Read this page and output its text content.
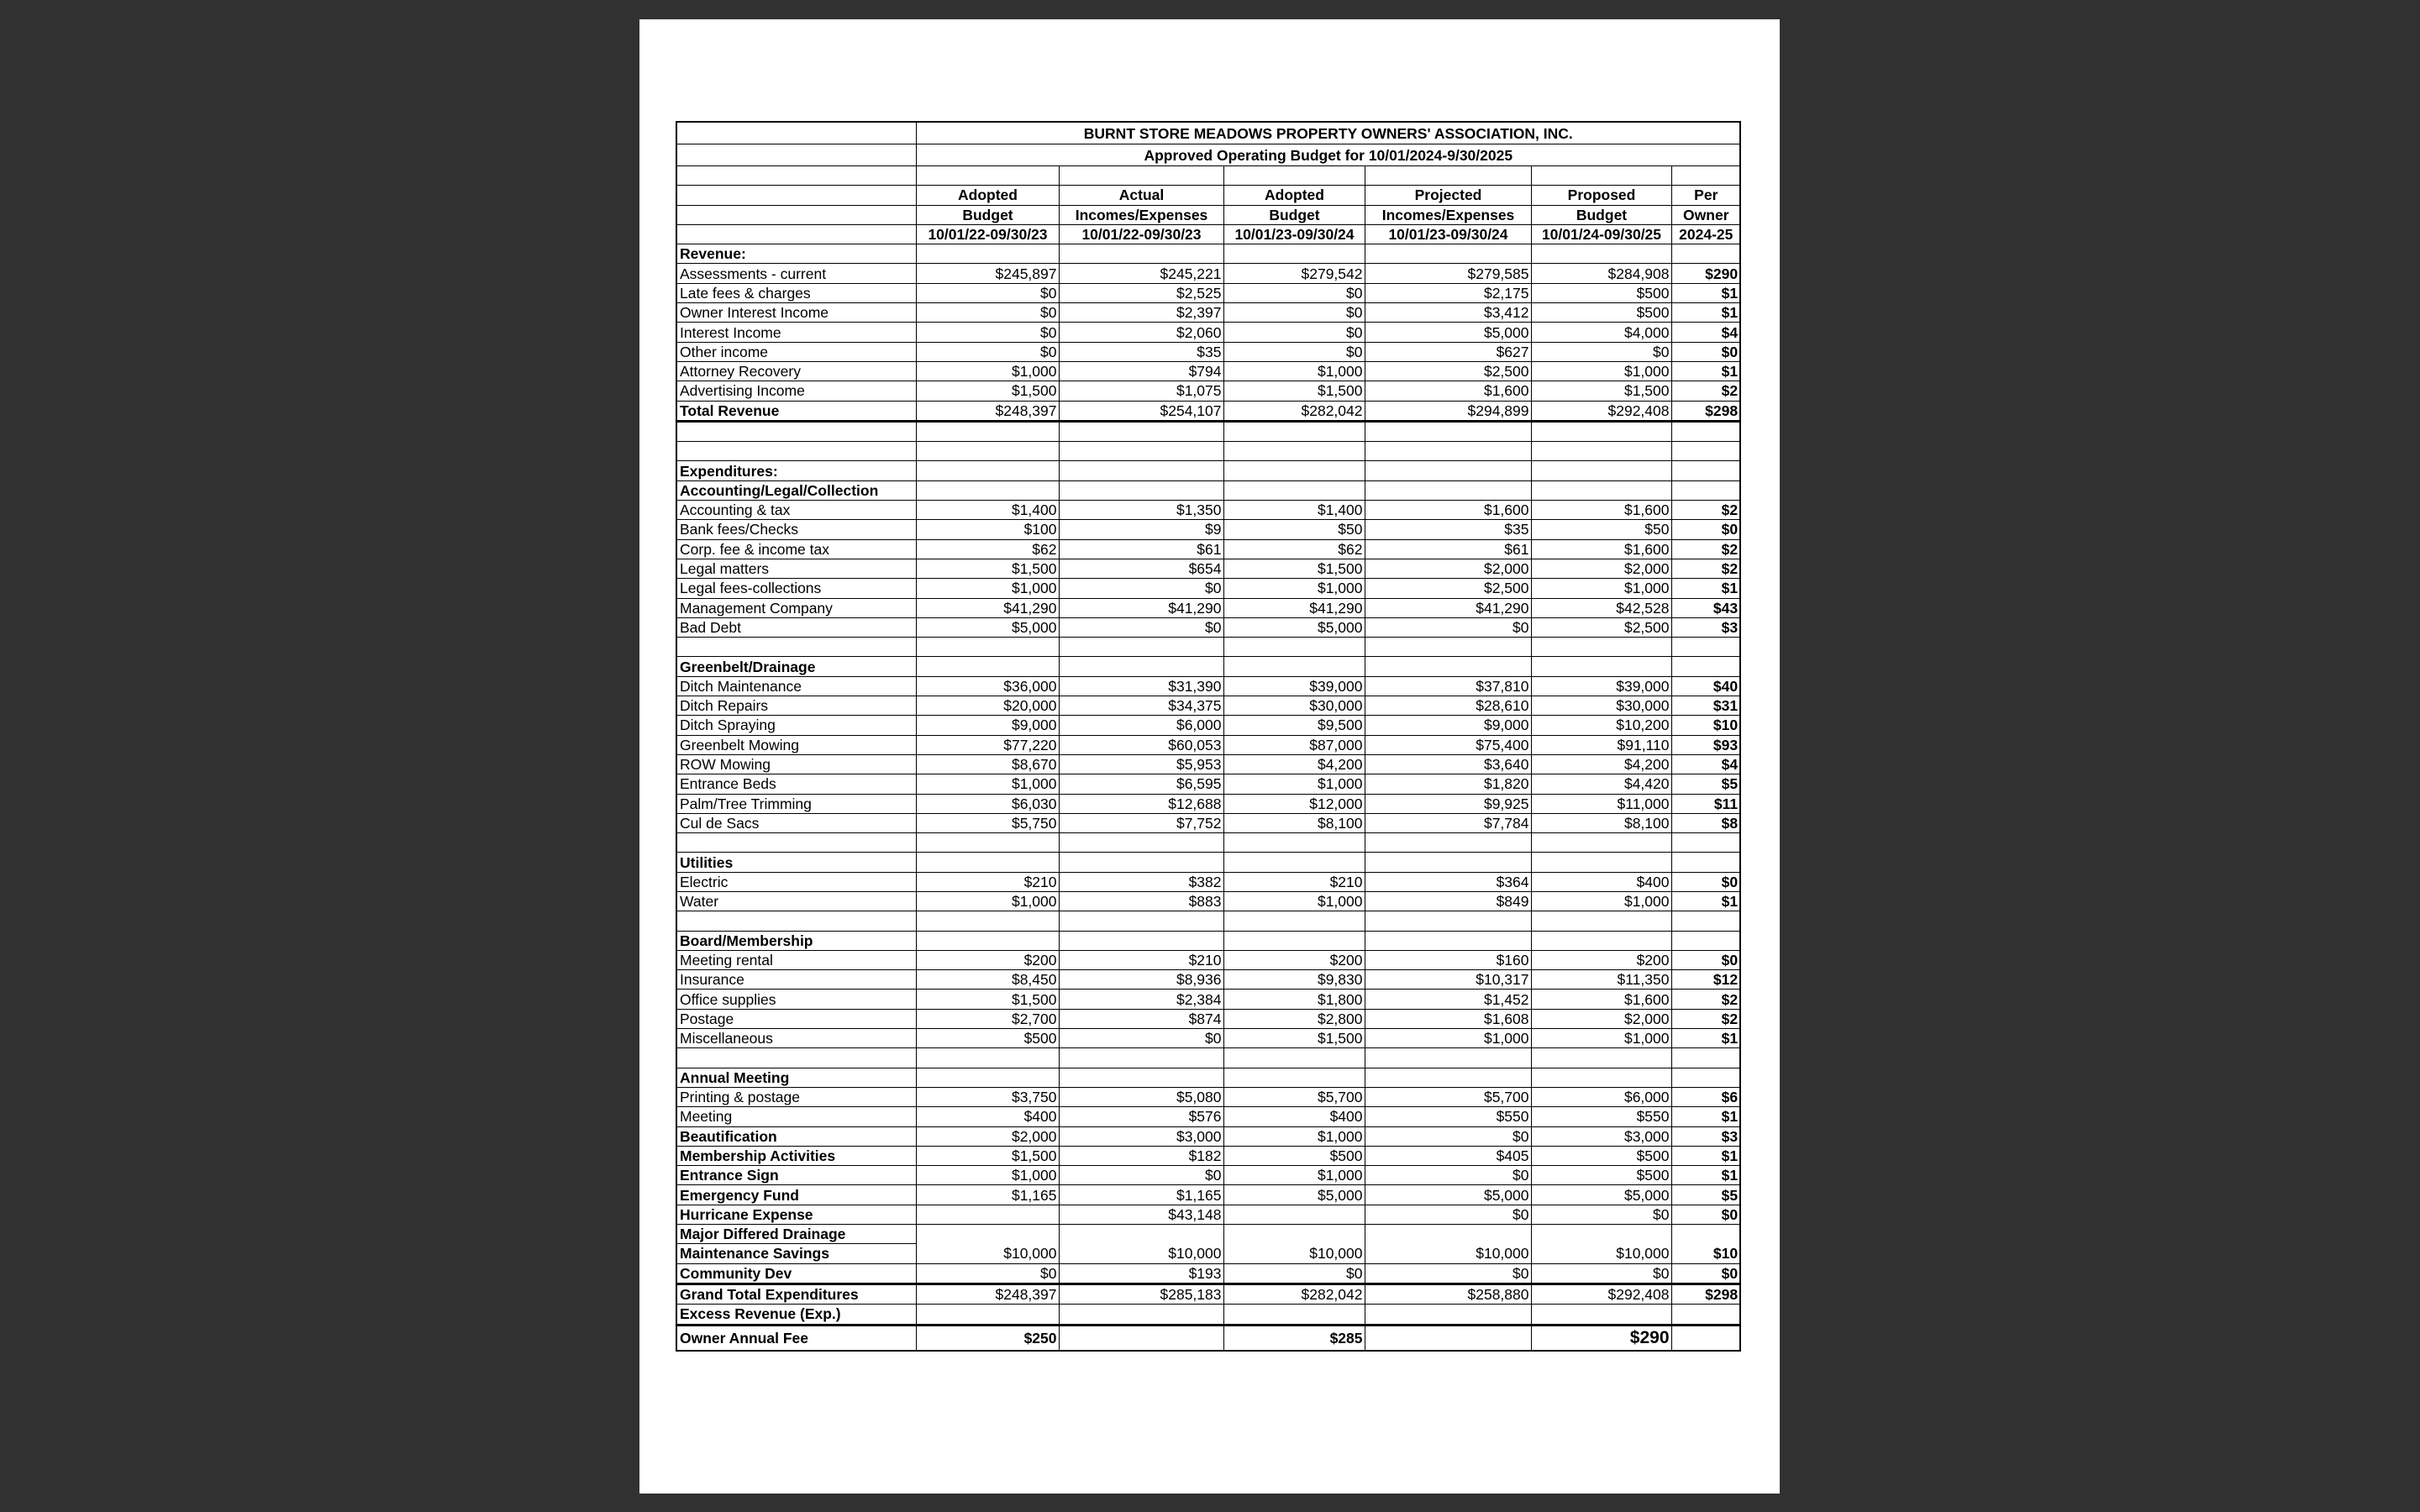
	BURNT STORE MEADOWS PROPERTY OWNERS' ASSOCIATION, INC.					
	Approved Operating Budget for 10/01/2024-9/30/2025					

	Adopted	Actual	Adopted	Projected	Proposed	Per
	Budget	Incomes/Expenses	Budget	Incomes/Expenses	Budget	Owner
	10/01/22-09/30/23	10/01/22-09/30/23	10/01/23-09/30/24	10/01/23-09/30/24	10/01/24-09/30/25	2024-25
Revenue:						
Assessments - current	$245,897	$245,221	$279,542	$279,585	$284,908	$290
Late fees & charges	$0	$2,525	$0	$2,175	$500	$1
Owner Interest Income	$0	$2,397	$0	$3,412	$500	$1
Interest Income	$0	$2,060	$0	$5,000	$4,000	$4
Other income	$0	$35	$0	$627	$0	$0
Attorney Recovery	$1,000	$794	$1,000	$2,500	$1,000	$1
Advertising Income	$1,500	$1,075	$1,500	$1,600	$1,500	$2
Total Revenue	$248,397	$254,107	$282,042	$294,899	$292,408	$298

Expenditures:						
Accounting/Legal/Collection						
Accounting & tax	$1,400	$1,350	$1,400	$1,600	$1,600	$2
Bank fees/Checks	$100	$9	$50	$35	$50	$0
Corp. fee & income tax	$62	$61	$62	$61	$1,600	$2
Legal matters	$1,500	$654	$1,500	$2,000	$2,000	$2
Legal fees-collections	$1,000	$0	$1,000	$2,500	$1,000	$1
Management Company	$41,290	$41,290	$41,290	$41,290	$42,528	$43
Bad Debt	$5,000	$0	$5,000	$0	$2,500	$3

Greenbelt/Drainage						
Ditch Maintenance	$36,000	$31,390	$39,000	$37,810	$39,000	$40
Ditch Repairs	$20,000	$34,375	$30,000	$28,610	$30,000	$31
Ditch Spraying	$9,000	$6,000	$9,500	$9,000	$10,200	$10
Greenbelt Mowing	$77,220	$60,053	$87,000	$75,400	$91,110	$93
ROW Mowing	$8,670	$5,953	$4,200	$3,640	$4,200	$4
Entrance Beds	$1,000	$6,595	$1,000	$1,820	$4,420	$5
Palm/Tree Trimming	$6,030	$12,688	$12,000	$9,925	$11,000	$11
Cul de Sacs	$5,750	$7,752	$8,100	$7,784	$8,100	$8

Utilities						
Electric	$210	$382	$210	$364	$400	$0
Water	$1,000	$883	$1,000	$849	$1,000	$1

Board/Membership						
Meeting rental	$200	$210	$200	$160	$200	$0
Insurance	$8,450	$8,936	$9,830	$10,317	$11,350	$12
Office supplies	$1,500	$2,384	$1,800	$1,452	$1,600	$2
Postage	$2,700	$874	$2,800	$1,608	$2,000	$2
Miscellaneous	$500	$0	$1,500	$1,000	$1,000	$1

Annual Meeting						
Printing & postage	$3,750	$5,080	$5,700	$5,700	$6,000	$6
Meeting	$400	$576	$400	$550	$550	$1
Beautification	$2,000	$3,000	$1,000	$0	$3,000	$3
Membership Activities	$1,500	$182	$500	$405	$500	$1
Entrance Sign	$1,000	$0	$1,000	$0	$500	$1
Emergency Fund	$1,165	$1,165	$5,000	$5,000	$5,000	$5
Hurricane Expense		$43,148		$0	$0	$0
Major Differed Drainage						
Maintenance Savings	$10,000	$10,000	$10,000	$10,000	$10,000	$10
Community Dev	$0	$193	$0	$0	$0	$0
Grand Total Expenditures	$248,397	$285,183	$282,042	$258,880	$292,408	$298
Excess Revenue (Exp.)						
Owner Annual Fee	$250		$285		$290	
